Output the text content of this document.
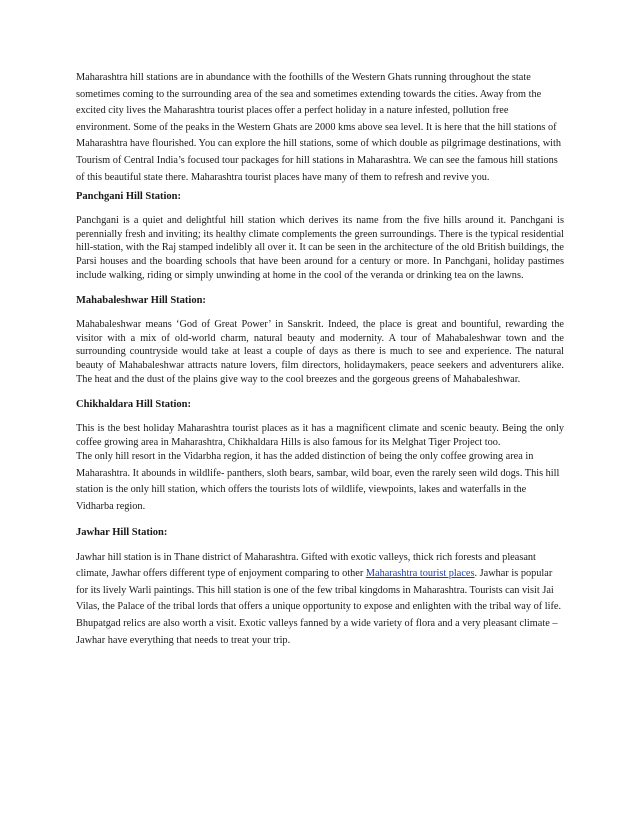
Maharashtra hill stations are in abundance with the foothills of the Western Ghats running throughout the state sometimes coming to the surrounding area of the sea and sometimes extending towards the cities. Away from the excited city lives the Maharashtra tourist places offer a perfect holiday in a nature infested, pollution free environment. Some of the peaks in the Western Ghats are 2000 kms above sea level. It is here that the hill stations of Maharashtra have flourished. You can explore the hill stations, some of which double as pilgrimage destinations, with Tourism of Central India’s focused tour packages for hill stations in Maharashtra. We can see the famous hill stations of this beautiful state there. Maharashtra tourist places have many of them to refresh and revive you.

Panchgani Hill Station:

Panchgani is a quiet and delightful hill station which derives its name from the five hills around it. Panchgani is perennially fresh and inviting; its healthy climate complements the green surroundings. There is the typical residential hill-station, with the Raj stamped indelibly all over it. It can be seen in the architecture of the old British buildings, the Parsi houses and the boarding schools that have been around for a century or more. In Panchgani, holiday pastimes include walking, riding or simply unwinding at home in the cool of the veranda or drinking tea on the lawns.

Mahabaleshwar Hill Station:

Mahabaleshwar means ‘God of Great Power’ in Sanskrit. Indeed, the place is great and bountiful, rewarding the visitor with a mix of old-world charm, natural beauty and modernity. A tour of Mahabaleshwar town and the surrounding countryside would take at least a couple of days as there is much to see and experience. The natural beauty of Mahabaleshwar attracts nature lovers, film directors, holidaymakers, peace seekers and adventurers alike. The heat and the dust of the plains give way to the cool breezes and the gorgeous greens of Mahabaleshwar.

Chikhaldara Hill Station:
This is the best holiday Maharashtra tourist places as it has a magnificent climate and scenic beauty. Being the only coffee growing area in Maharashtra, Chikhaldara Hills is also famous for its Melghat Tiger Project too.
The only hill resort in the Vidarbha region, it has the added distinction of being the only coffee growing area in Maharashtra. It abounds in wildlife- panthers, sloth bears, sambar, wild boar, even the rarely seen wild dogs. This hill station is the only hill station, which offers the tourists lots of wildlife, viewpoints, lakes and waterfalls in the Vidharba region.
Jawhar Hill Station:

Jawhar hill station is in Thane district of Maharashtra. Gifted with exotic valleys, thick rich forests and pleasant climate, Jawhar offers different type of enjoyment comparing to other Maharashtra tourist places. Jawhar is popular for its lively Warli paintings. This hill station is one of the few tribal kingdoms in Maharashtra. Tourists can visit Jai Vilas, the Palace of the tribal lords that offers a unique opportunity to expose and enlighten with the tribal way of life. Bhupatgad relics are also worth a visit. Exotic valleys fanned by a wide variety of flora and a very pleasant climate – Jawhar have everything that needs to treat your trip.
